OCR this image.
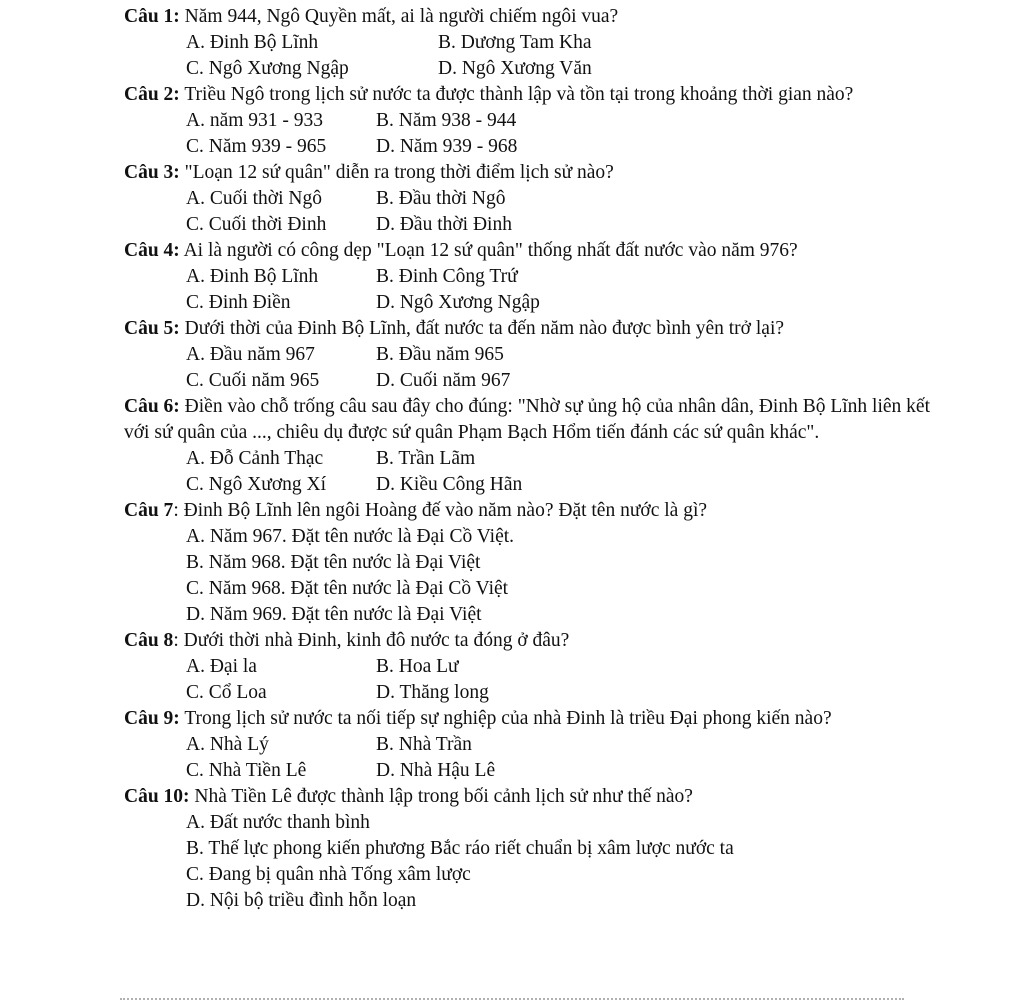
Câu 1: Năm 944, Ngô Quyền mất, ai là người chiếm ngôi vua?
A. Đinh Bộ Lĩnh	B. Dương Tam Kha
C. Ngô Xương Ngập	D. Ngô Xương Văn
Câu 2: Triều Ngô trong lịch sử nước ta được thành lập và tồn tại trong khoảng thời gian nào?
A. năm 931 - 933	B. Năm 938 - 944
C. Năm 939 - 965	D. Năm 939 - 968
Câu 3: "Loạn 12 sứ quân" diễn ra trong thời điểm lịch sử nào?
A. Cuối thời Ngô	B. Đầu thời Ngô
C. Cuối thời Đinh	D. Đầu thời Đinh
Câu 4: Ai là người có công dẹp "Loạn 12 sứ quân" thống nhất đất nước vào năm 976?
A. Đinh Bộ Lĩnh	B. Đinh Công Trứ
C. Đinh Điền	D. Ngô Xương Ngập
Câu 5: Dưới thời của Đinh Bộ Lĩnh, đất nước ta đến năm nào được bình yên trở lại?
A. Đầu năm 967	B. Đầu năm 965
C. Cuối năm 965	D. Cuối năm 967
Câu 6: Điền vào chỗ trống câu sau đây cho đúng: "Nhờ sự ủng hộ của nhân dân, Đinh Bộ Lĩnh liên kết với sứ quân của ..., chiêu dụ được sứ quân Phạm Bạch Hổm tiến đánh các sứ quân khác".
A. Đỗ Cảnh Thạc	B. Trần Lãm
C. Ngô Xương Xí	D. Kiều Công Hãn
Câu 7: Đinh Bộ Lĩnh lên ngôi Hoàng đế vào năm nào? Đặt tên nước là gì?
A. Năm 967. Đặt tên nước là Đại Cồ Việt.
B. Năm 968. Đặt tên nước là Đại Việt
C. Năm 968. Đặt tên nước là Đại Cồ Việt
D. Năm 969. Đặt tên nước là Đại Việt
Câu 8: Dưới thời nhà Đinh, kinh đô nước ta đóng ở đâu?
A. Đại la	B. Hoa Lư
C. Cổ Loa	D. Thăng long
Câu 9: Trong lịch sử nước ta nối tiếp sự nghiệp của nhà Đinh là triều Đại phong kiến nào?
A. Nhà Lý	B. Nhà Trần
C. Nhà Tiền Lê	D. Nhà Hậu Lê
Câu 10: Nhà Tiền Lê được thành lập trong bối cảnh lịch sử như thế nào?
A. Đất nước thanh bình
B. Thế lực phong kiến phương Bắc ráo riết chuẩn bị xâm lược nước ta
C. Đang bị quân nhà Tống xâm lược
D. Nội bộ triều đình hỗn loạn
